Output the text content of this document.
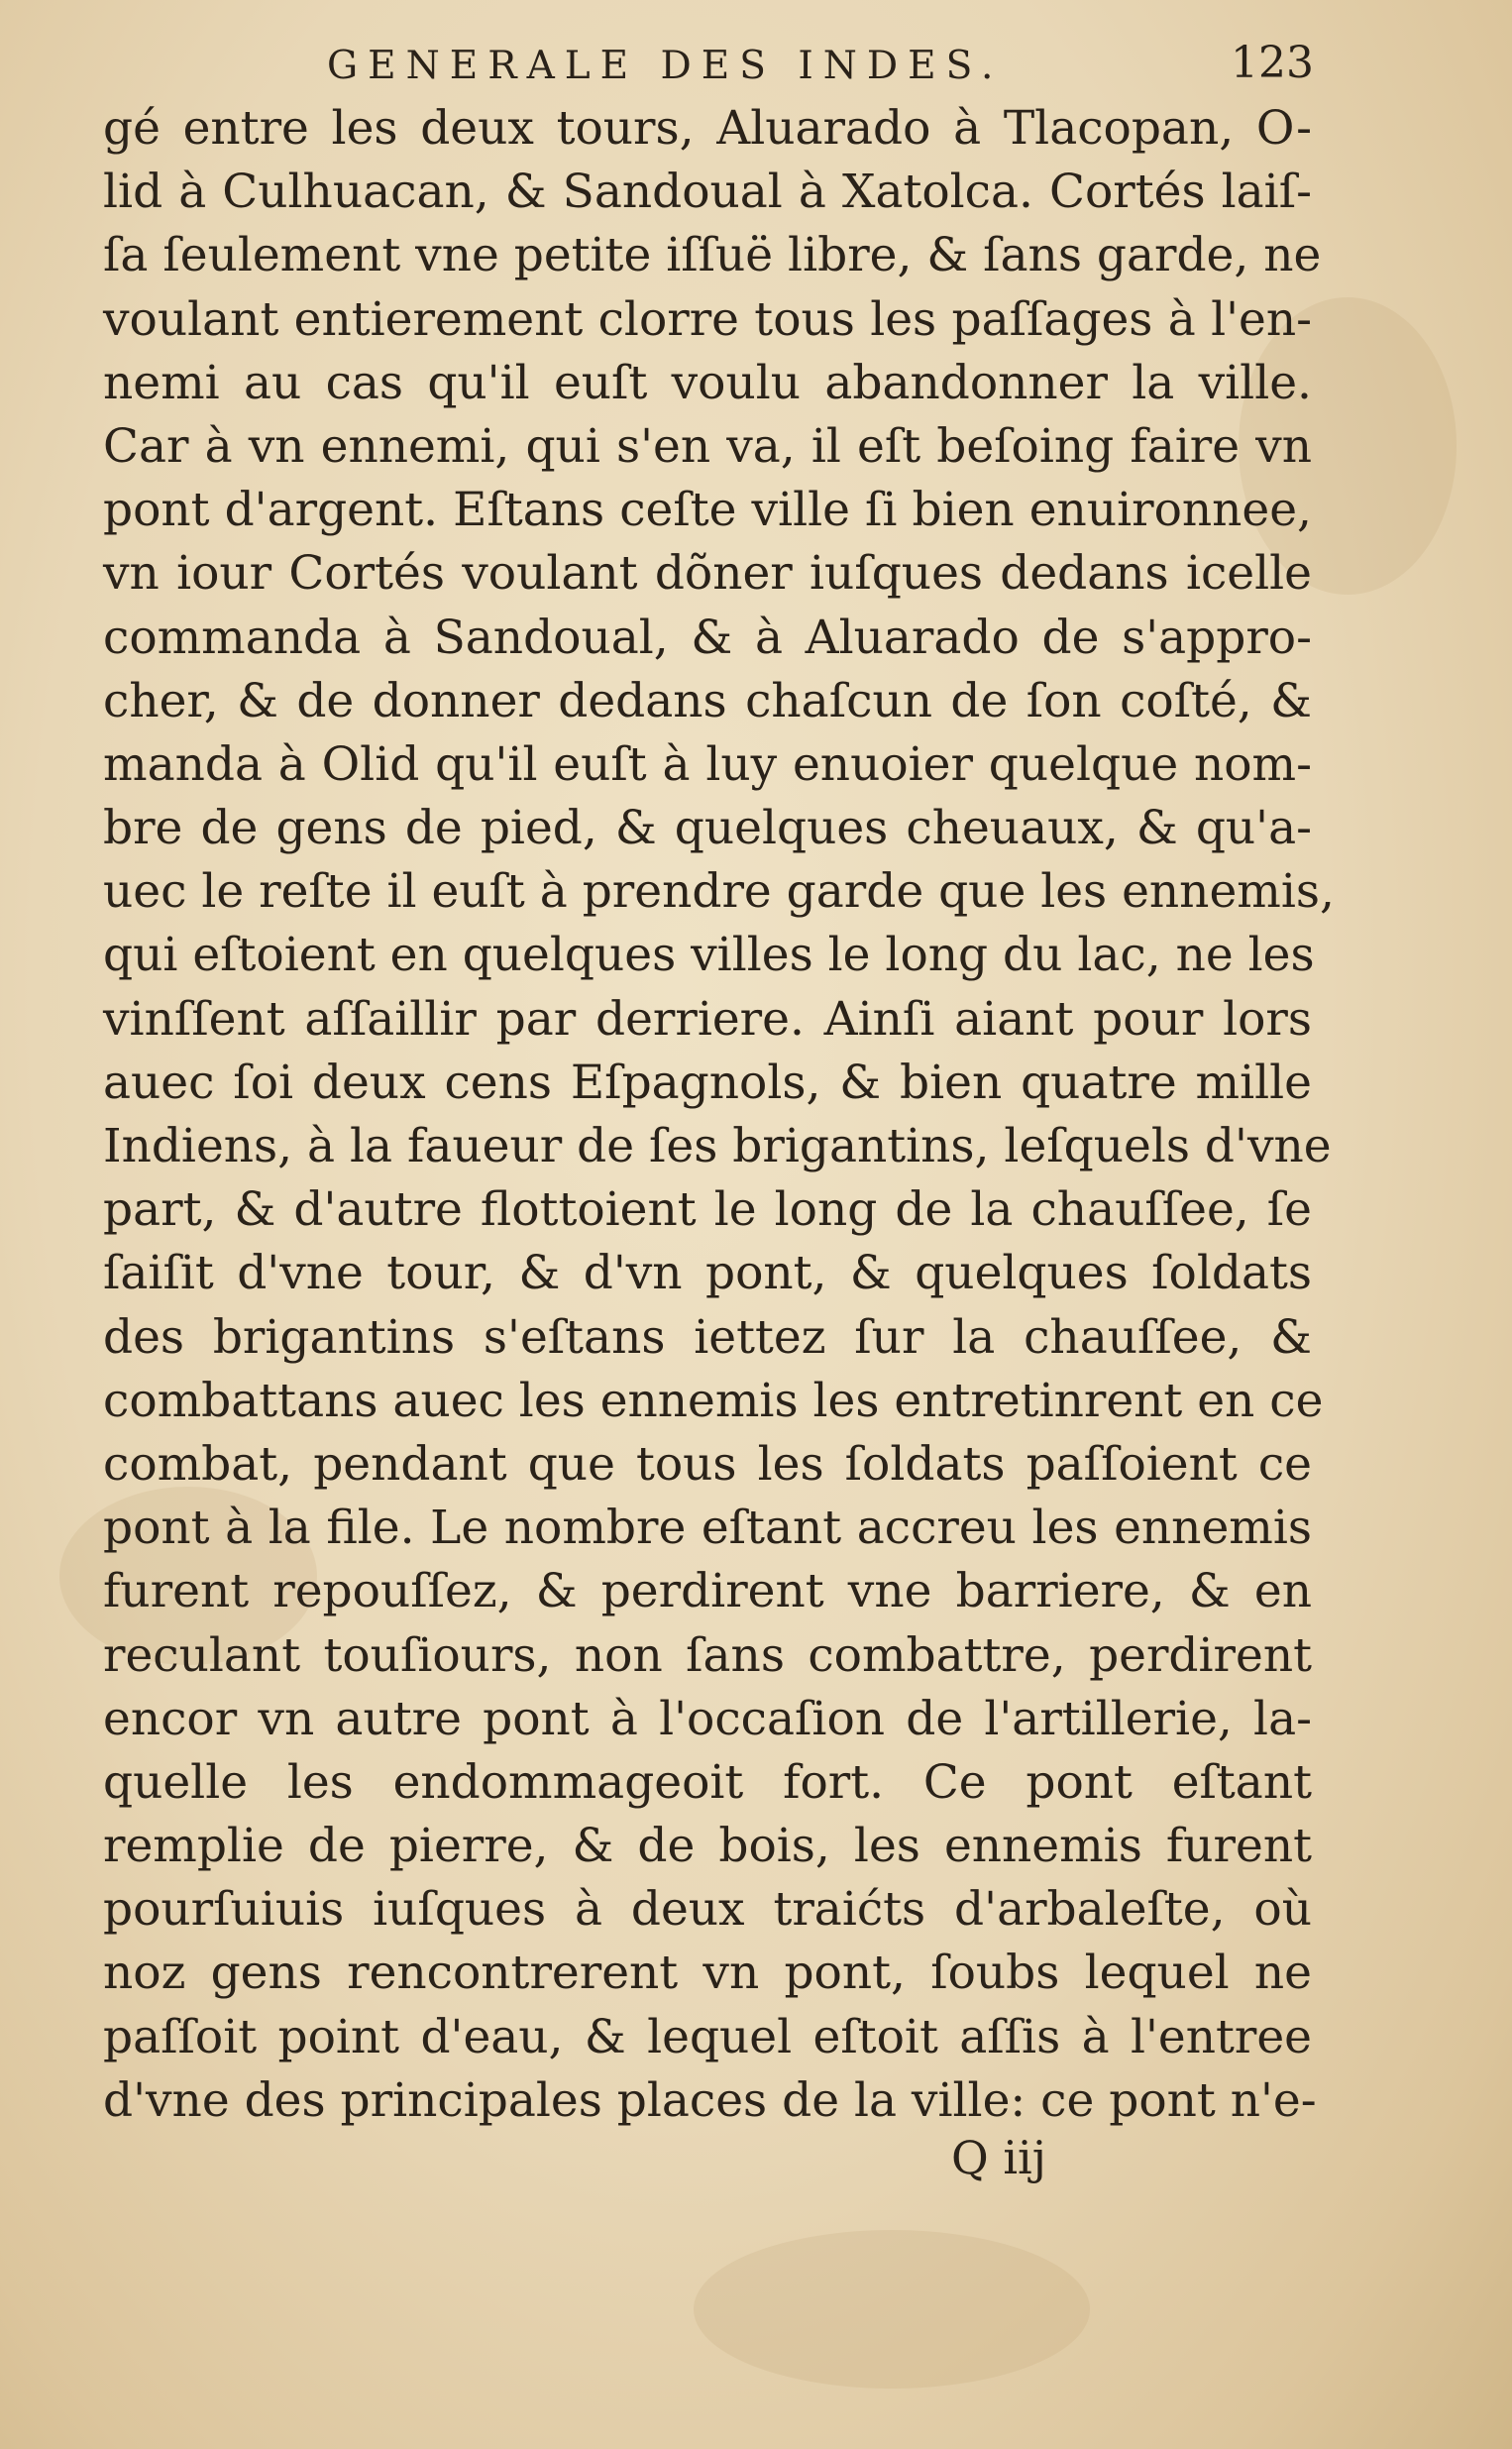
GENERALE DES INDES.	123
gé entre les deux tours, Aluarado à Tlacopan, O-
lid à Culhuacan, & Sandoual à Xatolca. Cortés laiſ-
ſa ſeulement vne petite iſſuë libre, & ſans garde, ne
voulant entierement clorre tous les paſſages à l'en-
nemi au cas qu'il euſt voulu abandonner la ville.
Car à vn ennemi, qui s'en va, il eſt beſoing faire vn
pont d'argent. Eſtans ceſte ville ſi bien enuironnee,
vn iour Cortés voulant dõner iuſques dedans icelle
commanda à Sandoual, & à Aluarado de s'appro-
cher, & de donner dedans chaſcun de ſon coſté, &
manda à Olid qu'il euſt à luy enuoier quelque nom-
bre de gens de pied, & quelques cheuaux, & qu'a-
uec le reſte il euſt à prendre garde que les ennemis,
qui eſtoient en quelques villes le long du lac, ne les
vinſſent aſſaillir par derriere. Ainſi aiant pour lors
auec ſoi deux cens Eſpagnols, & bien quatre mille
Indiens, à la faueur de ſes brigantins, leſquels d'vne
part, & d'autre flottoient le long de la chauſſee, ſe
ſaiſit d'vne tour, & d'vn pont, & quelques ſoldats
des brigantins s'eſtans iettez ſur la chauſſee, &
combattans auec les ennemis les entretinrent en ce
combat, pendant que tous les ſoldats paſſoient ce
pont à la file. Le nombre eſtant accreu les ennemis
furent repouſſez, & perdirent vne barriere, & en
reculant touſiours, non ſans combattre, perdirent
encor vn autre pont à l'occaſion de l'artillerie, la-
quelle les endommageoit fort. Ce pont eſtant
remplie de pierre, & de bois, les ennemis furent
pourſuiuis iuſques à deux traićts d'arbaleſte, où
noz gens rencontrerent vn pont, ſoubs lequel ne
paſſoit point d'eau, & lequel eſtoit aſſis à l'entree
d'vne des principales places de la ville: ce pont n'e-
Q iij
